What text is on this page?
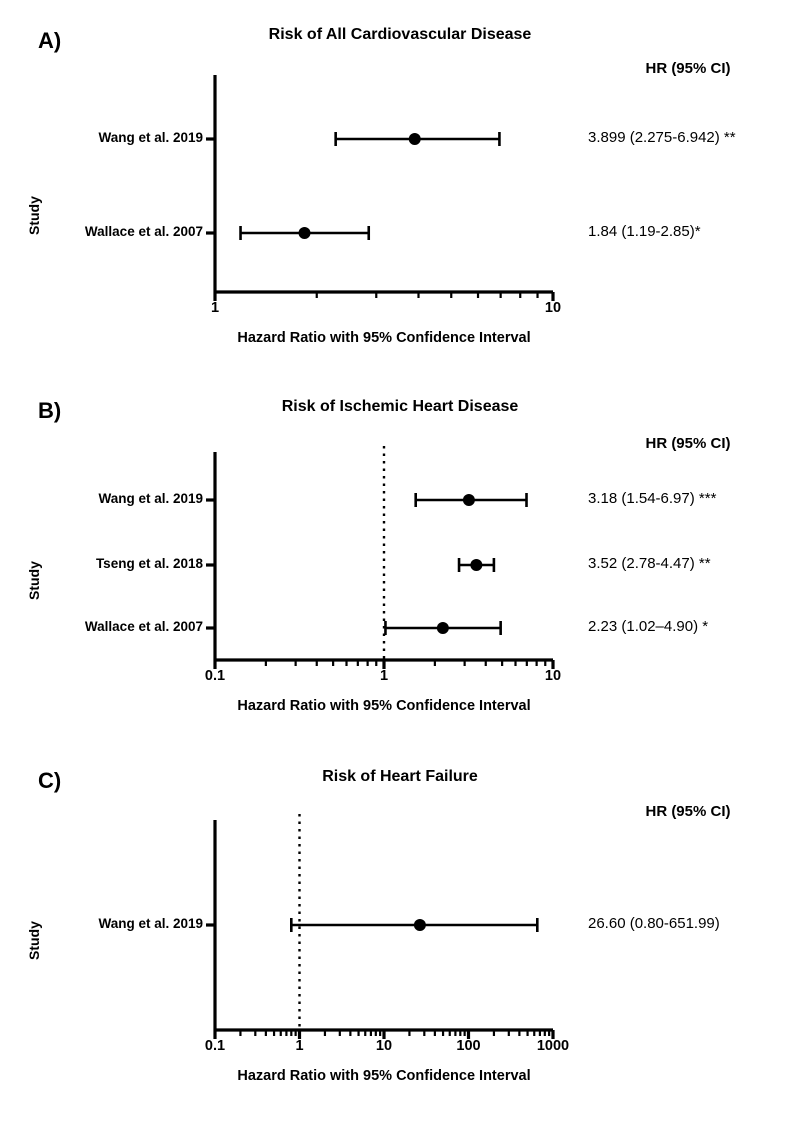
A)	Risk of All Cardiovascular Disease
HR (95% CI)
Study
Wang et al. 2019	3.899 (2.275-6.942) **
Wallace et al. 2007	1.84 (1.19-2.85)*
1	10
Hazard Ratio with 95% Confidence Interval
B)	Risk of Ischemic Heart Disease
HR (95% CI)
Study
Wang et al. 2019	3.18 (1.54-6.97) ***
Tseng et al. 2018	3.52 (2.78-4.47) **
Wallace et al. 2007	2.23 (1.02–4.90) *
0.1	1	10
Hazard Ratio with 95% Confidence Interval
C)	Risk of Heart Failure
HR (95% CI)
Study	Wang et al. 2019	26.60 (0.80-651.99)
0.1	1	10	100	1000
Hazard Ratio with 95% Confidence Interval
